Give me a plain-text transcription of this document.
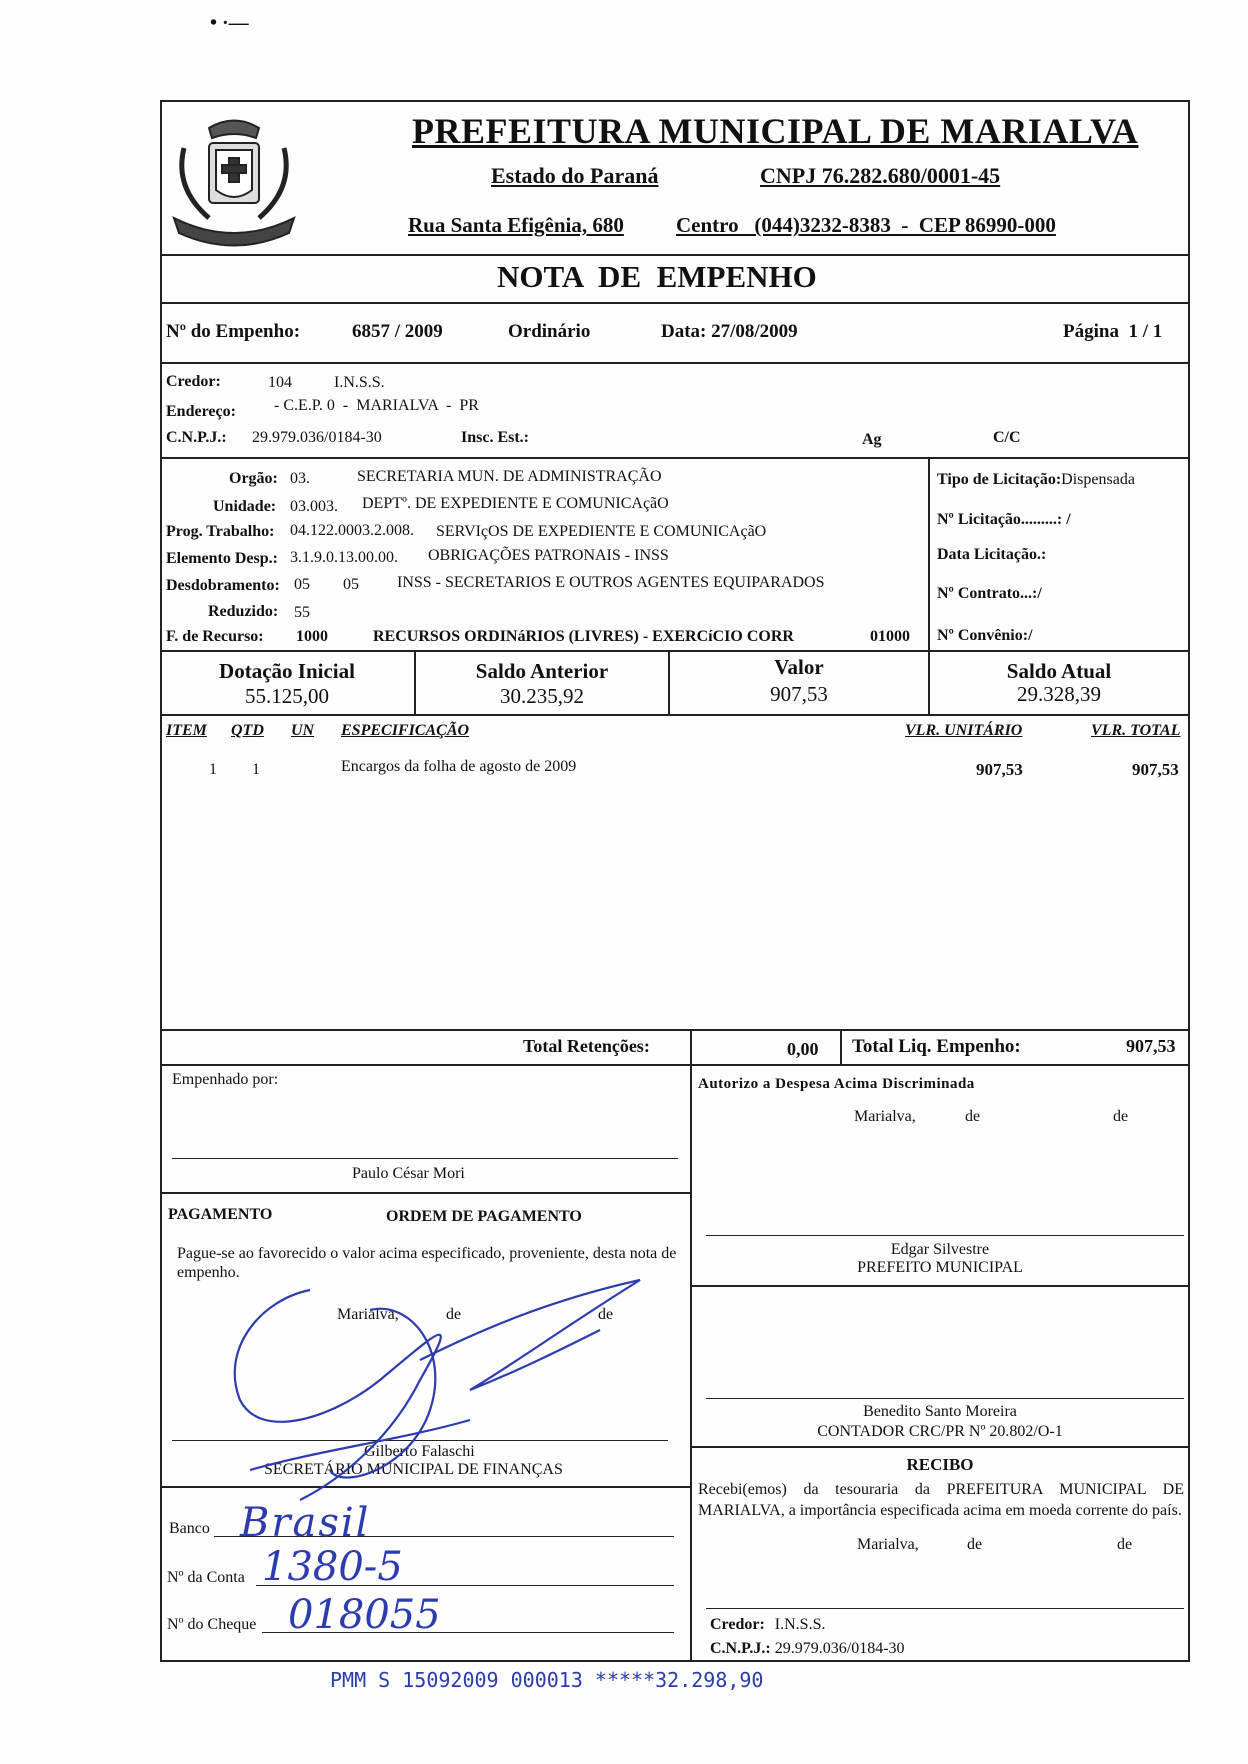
• ·‒‒
PREFEITURA MUNICIPAL DE MARIALVA
Estado do Paraná	CNPJ 76.282.680/0001-45
Rua Santa Efigênia, 680 Centro   (044)3232-8383  -  CEP 86990-000
NOTA  DE  EMPENHO
Nº do Empenho:	6857 / 2009	Ordinário	Data: 27/08/2009	Página  1 / 1
Credor:	104	I.N.S.S.
Endereço: - C.E.P. 0  -  MARIALVA  -  PR
C.N.P.J.: 29.979.036/0184-30	Insc. Est.:	Ag	C/C
Orgão: 03.	SECRETARIA MUN. DE ADMINISTRAÇÃO
Unidade: 03.003. DEPTº. DE EXPEDIENTE E COMUNICAçãO
Prog. Trabalho: 04.122.0003.2.008. SERVIçOS DE EXPEDIENTE E COMUNICAçãO
Elemento Desp.: 3.1.9.0.13.00.00. OBRIGAÇÕES PATRONAIS - INSS
Desdobramento: 05 05 INSS - SECRETARIOS E OUTROS AGENTES EQUIPARADOS
Reduzido: 55
F. de Recurso: 1000	RECURSOS ORDINáRIOS (LIVRES) - EXERCíCIO CORR	01000
Tipo de Licitação:Dispensada
Nº Licitação.........: /
Data Licitação.:
Nº Contrato...:/
Nº Convênio:/
Dotação Inicial
55.125,00
Saldo Anterior
30.235,92
Valor
907,53
Saldo Atual
29.328,39
ITEM QTD UN ESPECIFICAÇÃO	VLR. UNITÁRIO	VLR. TOTAL
1 1	Encargos da folha de agosto de 2009	907,53	907,53
Total Retenções:	0,00 Total Liq. Empenho:	907,53
Empenhado por:
Paulo César Mori
Autorizo a Despesa Acima Discriminada
Marialva,	de	de
Edgar Silvestre
PREFEITO MUNICIPAL
PAGAMENTO	ORDEM DE PAGAMENTO
Pague-se ao favorecido o valor acima especificado, proveniente, desta nota de empenho.
Marialva,	de	de
Gilberto Falaschi
SECRETÁRIO MUNICIPAL DE FINANÇAS
Banco Brasil
Nº da Conta 1380-5
Nº do Cheque 018055
Benedito Santo Moreira
CONTADOR CRC/PR Nº 20.802/O-1
RECIBO
Recebi(emos) da tesouraria da PREFEITURA MUNICIPAL DE MARIALVA, a importância especificada acima em moeda corrente do país.
Marialva,	de	de
Credor: I.N.S.S.
C.N.P.J.: 29.979.036/0184-30
PMM S 15092009 000013 *****32.298,90
